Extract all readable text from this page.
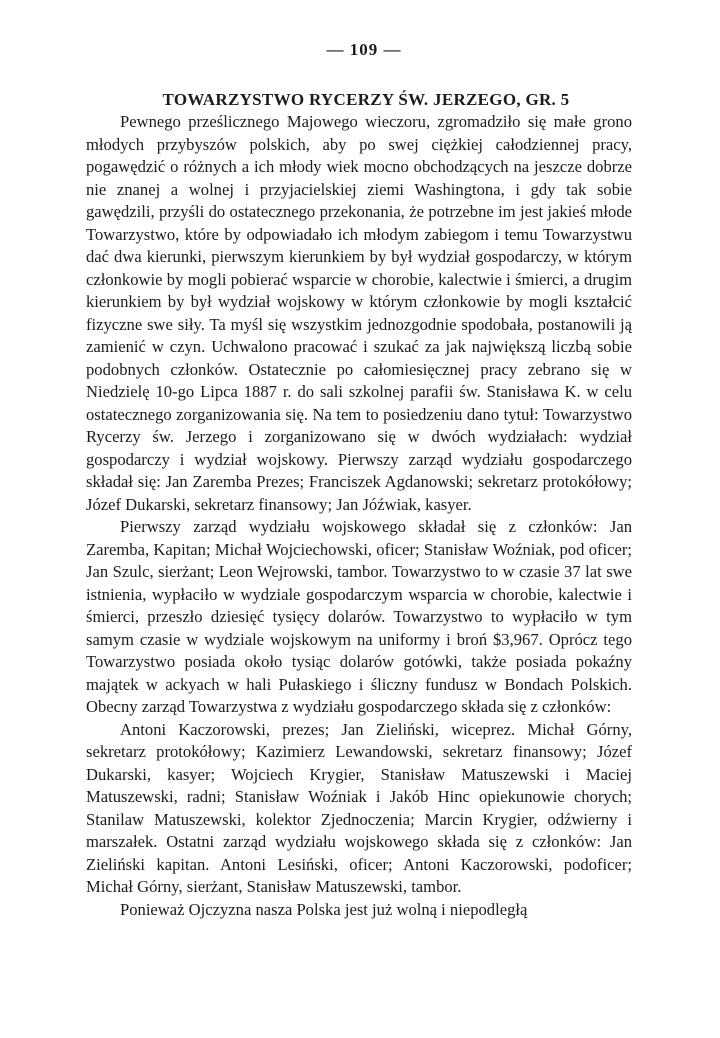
— 109 —
TOWARZYSTWO RYCERZY ŚW. JERZEGO, GR. 5

Pewnego prześlicznego Majowego wieczoru, zgromadziło się małe grono młodych przybyszów polskich, aby po swej ciężkiej całodziennej pracy, pogawędzić o różnych a ich młody wiek mocno obchodzących na jeszcze dobrze nie znanej a wolnej i przyjacielskiej ziemi Washingtona, i gdy tak sobie gawędzili, przyśli do ostatecznego przekonania, że potrzebne im jest jakieś młode Towarzystwo, które by odpowiadało ich młodym zabiegom i temu Towarzystwu dać dwa kierunki, pierwszym kierunkiem by był wydział gospodarczy, w którym członkowie by mogli pobierać wsparcie w chorobie, kalectwie i śmierci, a drugim kierunkiem by był wydział wojskowy w którym członkowie by mogli kształcić fizyczne swe siły. Ta myśl się wszystkim jednozgodnie spodobała, postanowili ją zamienić w czyn. Uchwalono pracować i szukać za jak największą liczbą sobie podobnych członków. Ostatecznie po całomiesięcznej pracy zebrano się w Niedzielę 10-go Lipca 1887 r. do sali szkolnej parafii św. Stanisława K. w celu ostatecznego zorganizowania się. Na tem to posiedzeniu dano tytuł: Towarzystwo Rycerzy św. Jerzego i zorganizowano się w dwóch wydziałach: wydział gospodarczy i wydział wojskowy. Pierwszy zarząd wydziału gospodarczego składał się: Jan Zaremba Prezes; Franciszek Agdanowski; sekretarz protokółowy; Józef Dukarski, sekretarz finansowy; Jan Jóźwiak, kasyer.

Pierwszy zarząd wydziału wojskowego składał się z członków: Jan Zaremba, Kapitan; Michał Wojciechowski, oficer; Stanisław Woźniak, pod oficer; Jan Szulc, sierżant; Leon Wejrowski, tambor. Towarzystwo to w czasie 37 lat swe istnienia, wypłaciło w wydziale gospodarczym wsparcia w chorobie, kalectwie i śmierci, przeszło dziesięć tysięcy dolarów. Towarzystwo to wypłaciło w tym samym czasie w wydziale wojskowym na uniformy i broń $3,967. Oprócz tego Towarzystwo posiada około tysiąc dolarów gotówki, także posiada pokaźny majątek w ackyach w hali Pułaskiego i śliczny fundusz w Bondach Polskich. Obecny zarząd Towarzystwa z wydziału gospodarczego składa się z członków:

Antoni Kaczorowski, prezes; Jan Zieliński, wiceprez. Michał Górny, sekretarz protokółowy; Kazimierz Lewandowski, sekretarz finansowy; Józef Dukarski, kasyer; Wojciech Krygier, Stanisław Matuszewski i Maciej Matuszewski, radni; Stanisław Woźniak i Jakób Hinc opiekunowie chorych; Stanilaw Matuszewski, kolektor Zjednoczenia; Marcin Krygier, odźwierny i marszałek. Ostatni zarząd wydziału wojskowego składa się z członków: Jan Zieliński kapitan. Antoni Lesiński, oficer; Antoni Kaczorowski, podoficer; Michał Górny, sierżant, Stanisław Matuszewski, tambor.

Ponieważ Ojczyzna nasza Polska jest już wolną i niepodległą
